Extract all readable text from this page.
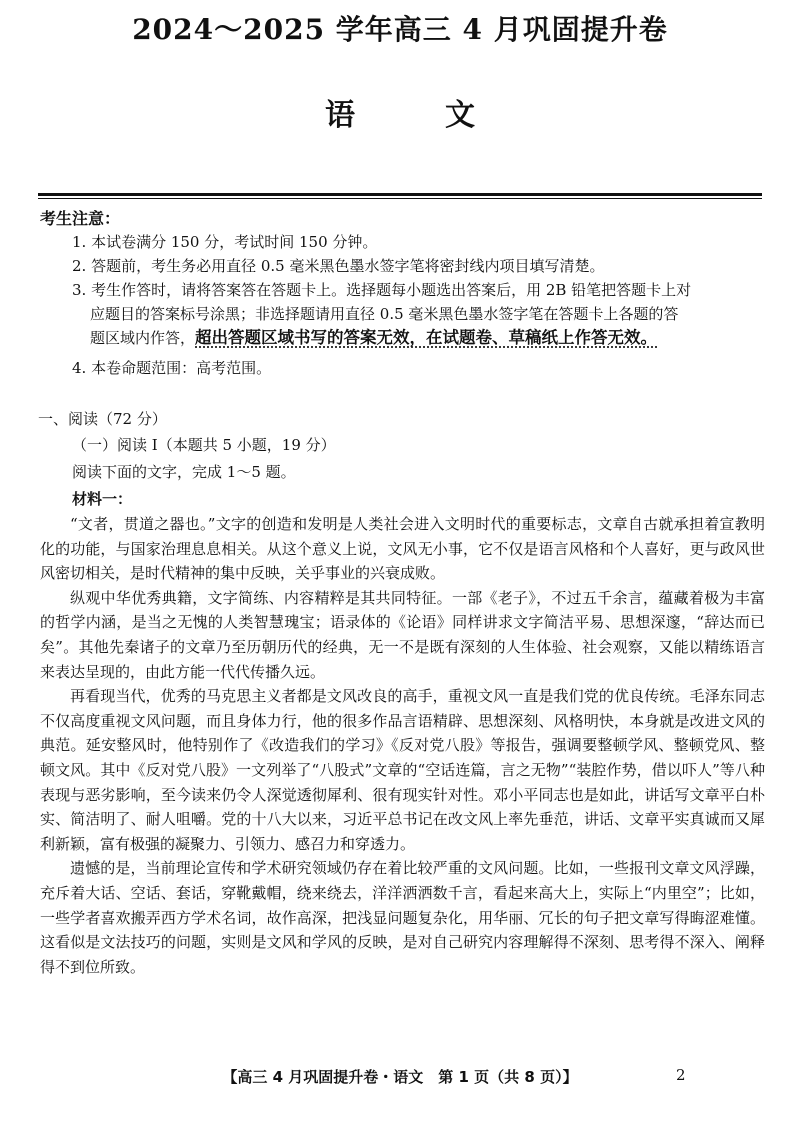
2024～2025 学年高三 4 月巩固提升卷
语文
考生注意：

1. 本试卷满分 150 分，考试时间 150 分钟。

2. 答题前，考生务必用直径 0.5 毫米黑色墨水签字笔将密封线内项目填写清楚。

3. 考生作答时，请将答案答在答题卡上。选择题每小题选出答案后，用 2B 铅笔把答题卡上对

应题目的答案标号涂黑；非选择题请用直径 0.5 毫米黑色墨水签字笔在答题卡上各题的答

题区域内作答，超出答题区域书写的答案无效，在试题卷、草稿纸上作答无效。

4. 本卷命题范围：高考范围。

一、阅读（72 分）
（一）阅读 I（本题共 5 小题，19 分）
阅读下面的文字，完成 1～5 题。
材料一：

“文者，贯道之器也。”文字的创造和发明是人类社会进入文明时代的重要标志，文章自古就承担着宣教明化的功能，与国家治理息息相关。从这个意义上说，文风无小事，它不仅是语言风格和个人喜好，更与政风世风密切相关，是时代精神的集中反映，关乎事业的兴衰成败。

纵观中华优秀典籍，文字简练、内容精粹是其共同特征。一部《老子》，不过五千余言，蕴藏着极为丰富的哲学内涵，是当之无愧的人类智慧瑰宝；语录体的《论语》同样讲求文字简洁平易、思想深邃，“辞达而已矣”。其他先秦诸子的文章乃至历朝历代的经典，无一不是既有深刻的人生体验、社会观察，又能以精练语言来表达呈现的，由此方能一代代传播久远。

再看现当代，优秀的马克思主义者都是文风改良的高手，重视文风一直是我们党的优良传统。毛泽东同志不仅高度重视文风问题，而且身体力行，他的很多作品言语精辟、思想深刻、风格明快，本身就是改进文风的典范。延安整风时，他特别作了《改造我们的学习》《反对党八股》等报告，强调要整顿学风、整顿党风、整顿文风。其中《反对党八股》一文列举了“八股式”文章的“空话连篇，言之无物”“装腔作势，借以吓人”等八种表现与恶劣影响，至今读来仍令人深觉透彻犀利、很有现实针对性。邓小平同志也是如此，讲话写文章平白朴实、简洁明了、耐人咀嚼。党的十八大以来，习近平总书记在改文风上率先垂范，讲话、文章平实真诚而又犀利新颖，富有极强的凝聚力、引领力、感召力和穿透力。

遗憾的是，当前理论宣传和学术研究领域仍存在着比较严重的文风问题。比如，一些报刊文章文风浮躁，充斥着大话、空话、套话，穿靴戴帽，绕来绕去，洋洋洒洒数千言，看起来高大上，实际上“内里空”；比如，一些学者喜欢搬弄西方学术名词，故作高深，把浅显问题复杂化，用华丽、冗长的句子把文章写得晦涩难懂。这看似是文法技巧的问题，实则是文风和学风的反映，是对自己研究内容理解得不深刻、思考得不深入、阐释得不到位所致。

【高三 4 月巩固提升卷・语文　第 1 页（共 8 页）】	2
